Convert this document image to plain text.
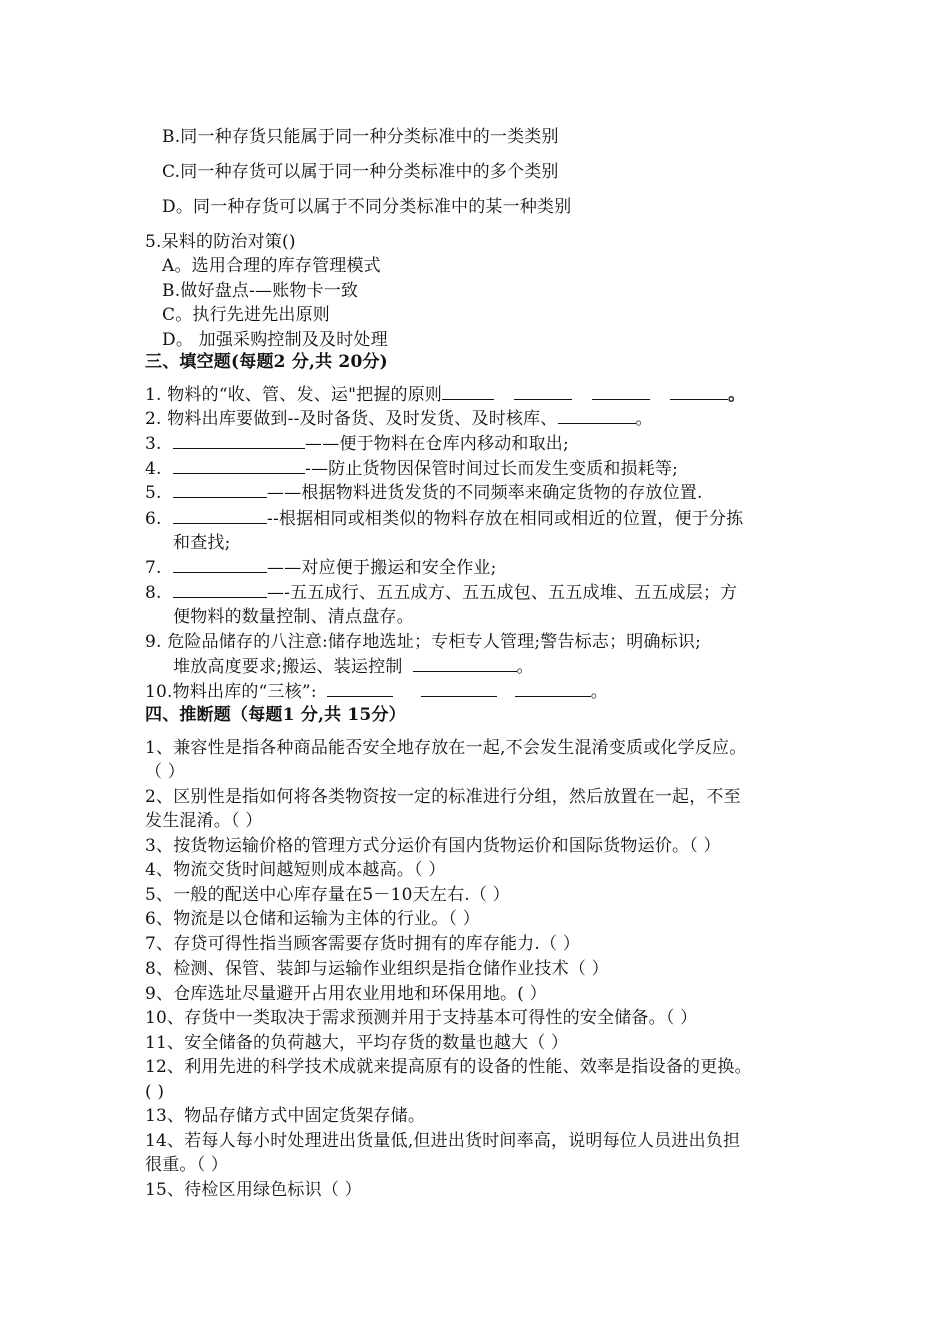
B.同一种存货只能属于同一种分类标准中的一类类别
C.同一种存货可以属于同一种分类标准中的多个类别
D。同一种存货可以属于不同分类标准中的某一种类别
5.呆料的防治对策()
A。选用合理的库存管理模式
B.做好盘点-—账物卡一致
C。执行先进先出原则
D。 加强采购控制及及时处理
三、填空题(每题2 分,共 20分)
1. 物料的“收、管、发、运"把握的原则	。
2. 物料出库要做到--及时备货、及时发货、及时核库、	。
3.	——便于物料在仓库内移动和取出;
4.	-—防止货物因保管时间过长而发生变质和损耗等;
5.	——根据物料进货发货的不同频率来确定货物的存放位置.
6.	--根据相同或相类似的物料存放在相同或相近的位置，便于分拣
和查找;
7.	——对应便于搬运和安全作业;
8.	—-五五成行、五五成方、五五成包、五五成堆、五五成层；方
便物料的数量控制、清点盘存。
9. 危险品储存的八注意:储存地选址；专柜专人管理;警告标志；明确标识;
堆放高度要求;搬运、装运控制	。
10.物料出库的“三核”:	。
四、推断题（每题1 分,共 15分）
1、兼容性是指各种商品能否安全地存放在一起,不会发生混淆变质或化学反应。
（ ）
2、区别性是指如何将各类物资按一定的标准进行分组，然后放置在一起，不至
发生混淆。（ ）
3、按货物运输价格的管理方式分运价有国内货物运价和国际货物运价。（ ）
4、物流交货时间越短则成本越高。（ ）
5、一般的配送中心库存量在5－10天左右.（ ）
6、物流是以仓储和运输为主体的行业。（ ）
7、存贷可得性指当顾客需要存货时拥有的库存能力.（ ）
8、检测、保管、装卸与运输作业组织是指仓储作业技术（ ）
9、仓库选址尽量避开占用农业用地和环保用地。( ）
10、存货中一类取决于需求预测并用于支持基本可得性的安全储备。（ ）
11、安全储备的负荷越大，平均存货的数量也越大（ ）
12、利用先进的科学技术成就来提高原有的设备的性能、效率是指设备的更换。
( )
13、物品存储方式中固定货架存储。
14、若每人每小时处理进出货量低,但进出货时间率高，说明每位人员进出负担
很重。（ ）
15、待检区用绿色标识（ ）
